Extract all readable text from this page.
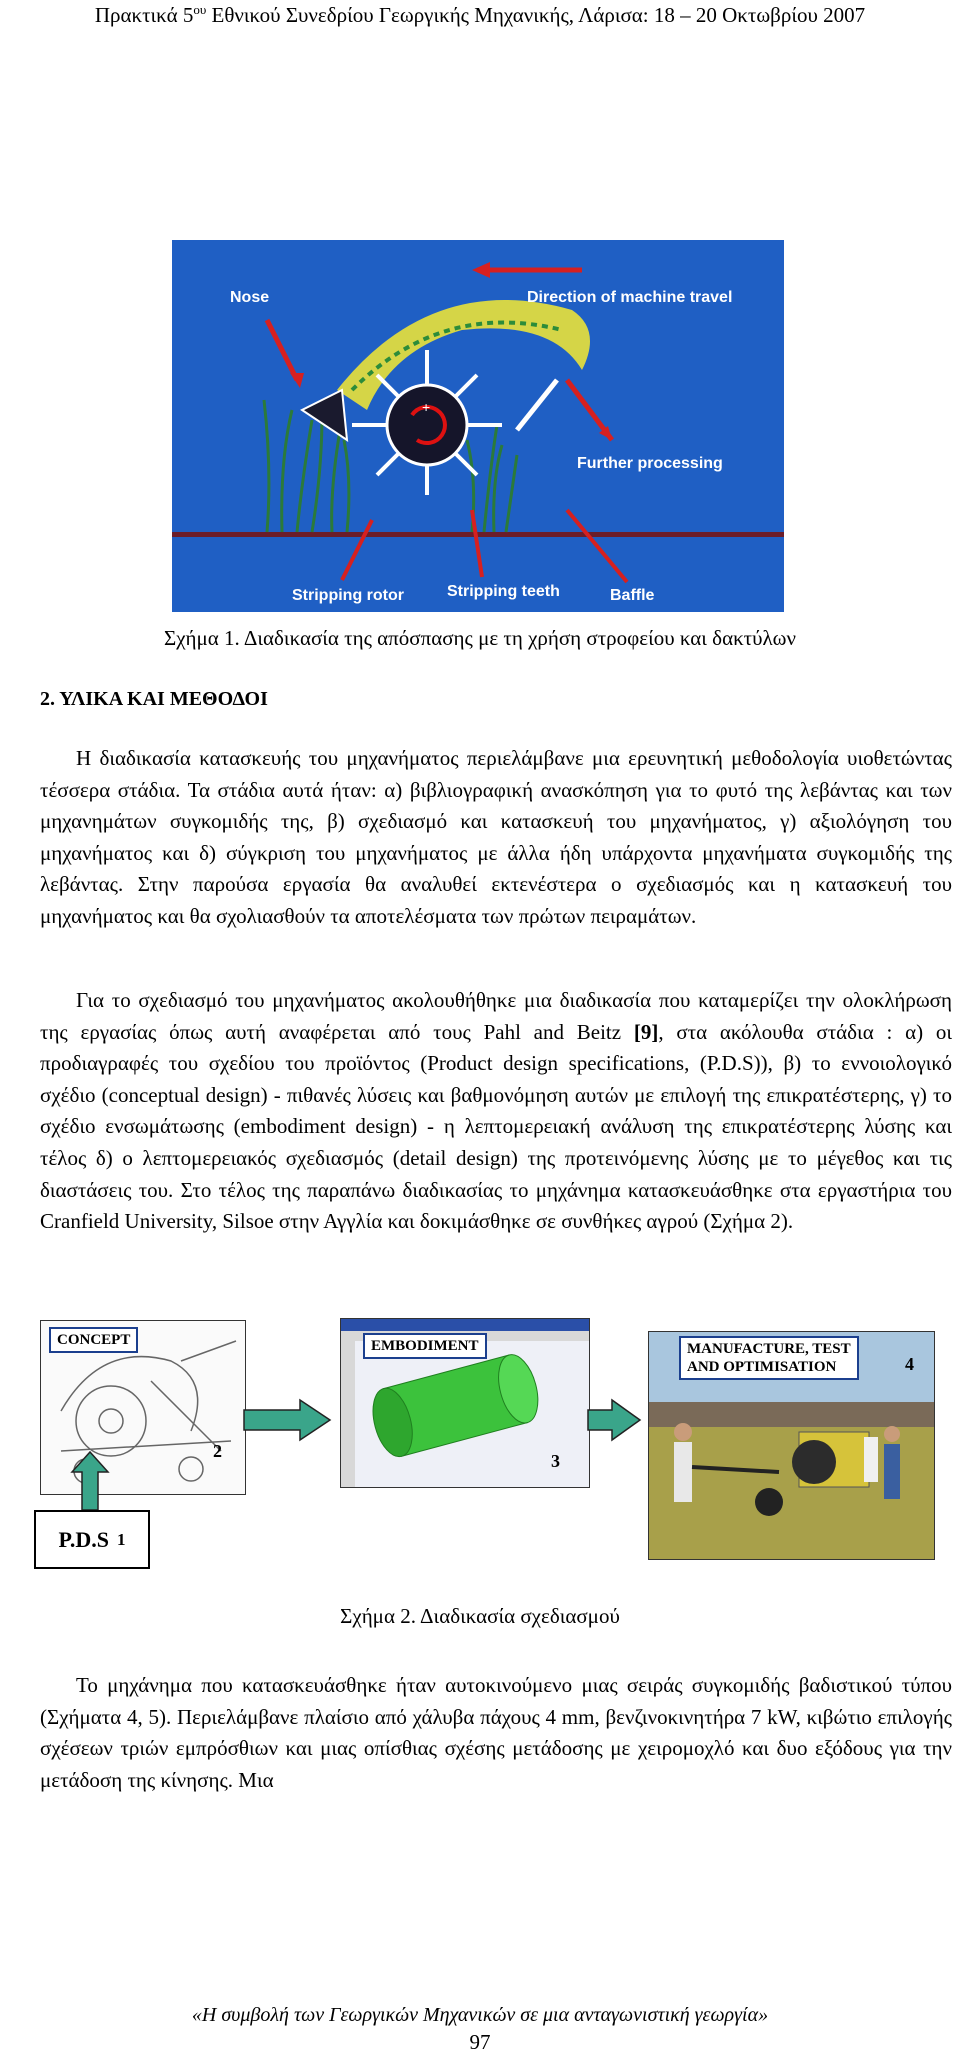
Πρακτικά $5^{o\upsilon}$ Εθνικού Συνεδρίου Γεωργικής Μηχανικής, Λάρισα: 18 – 20 Οκτωβρίου 2007
+
Direction of machine travel
Nose
Further processing
Stripping rotor	Stripping teeth	Baffle
Σχήμα 1. Διαδικασία της απόσπασης με τη χρήση στροφείου και δακτύλων
2. ΥΛΙΚΑ ΚΑΙ ΜΕΘΟΔΟΙ

Η διαδικασία κατασκευής του μηχανήματος περιελάμβανε μια ερευνητική μεθοδολογία υιοθετώντας τέσσερα στάδια. Τα στάδια αυτά ήταν: α) βιβλιογραφική ανασκόπηση για το φυτό της λεβάντας και των μηχανημάτων συγκομιδής της, β) σχεδιασμό και κατασκευή του μηχανήματος, γ) αξιολόγηση του μηχανήματος και δ) σύγκριση του μηχανήματος με άλλα ήδη υπάρχοντα μηχανήματα συγκομιδής της λεβάντας. Στην παρούσα εργασία θα αναλυθεί εκτενέστερα ο σχεδιασμός και η κατασκευή του μηχανήματος και θα σχολιασθούν τα αποτελέσματα των πρώτων πειραμάτων.

Για το σχεδιασμό του μηχανήματος ακολουθήθηκε μια διαδικασία που καταμερίζει την ολοκλήρωση της εργασίας όπως αυτή αναφέρεται από τους Pahl and Beitz [9], στα ακόλουθα στάδια : α) οι προδιαγραφές του σχεδίου του προϊόντος (Product design specifications, (P.D.S)), β) το εννοιολογικό σχέδιο (conceptual design) - πιθανές λύσεις και βαθμονόμηση αυτών με επιλογή της επικρατέστερης, γ) το σχέδιο ενσωμάτωσης (embodiment design) - η λεπτομερειακή ανάλυση της επικρατέστερης λύσης και τέλος δ) ο λεπτομερειακός σχεδιασμός (detail design) της προτεινόμενης λύσης με το μέγεθος και τις διαστάσεις του. Στο τέλος της παραπάνω διαδικασίας το μηχάνημα κατασκευάσθηκε στα εργαστήρια του Cranfield University, Silsoe στην Αγγλία και δοκιμάσθηκε σε συνθήκες αγρού (Σχήμα 2).

CONCEPT
2
EMBODIMENT
3
MANUFACTURE, TEST
AND OPTIMISATION	4
P.D.S 1
Σχήμα 2. Διαδικασία σχεδιασμού

Το μηχάνημα που κατασκευάσθηκε ήταν αυτοκινούμενο μιας σειράς συγκομιδής βαδιστικού τύπου (Σχήματα 4, 5). Περιελάμβανε πλαίσιο από χάλυβα πάχους 4 mm, βενζινοκινητήρα 7 kW, κιβώτιο επιλογής σχέσεων τριών εμπρόσθιων και μιας οπίσθιας σχέσης μετάδοσης με χειρομοχλό και δυο εξόδους για την μετάδοση της κίνησης. Μια

«Η συμβολή των Γεωργικών Μηχανικών σε μια ανταγωνιστική γεωργία»
97
